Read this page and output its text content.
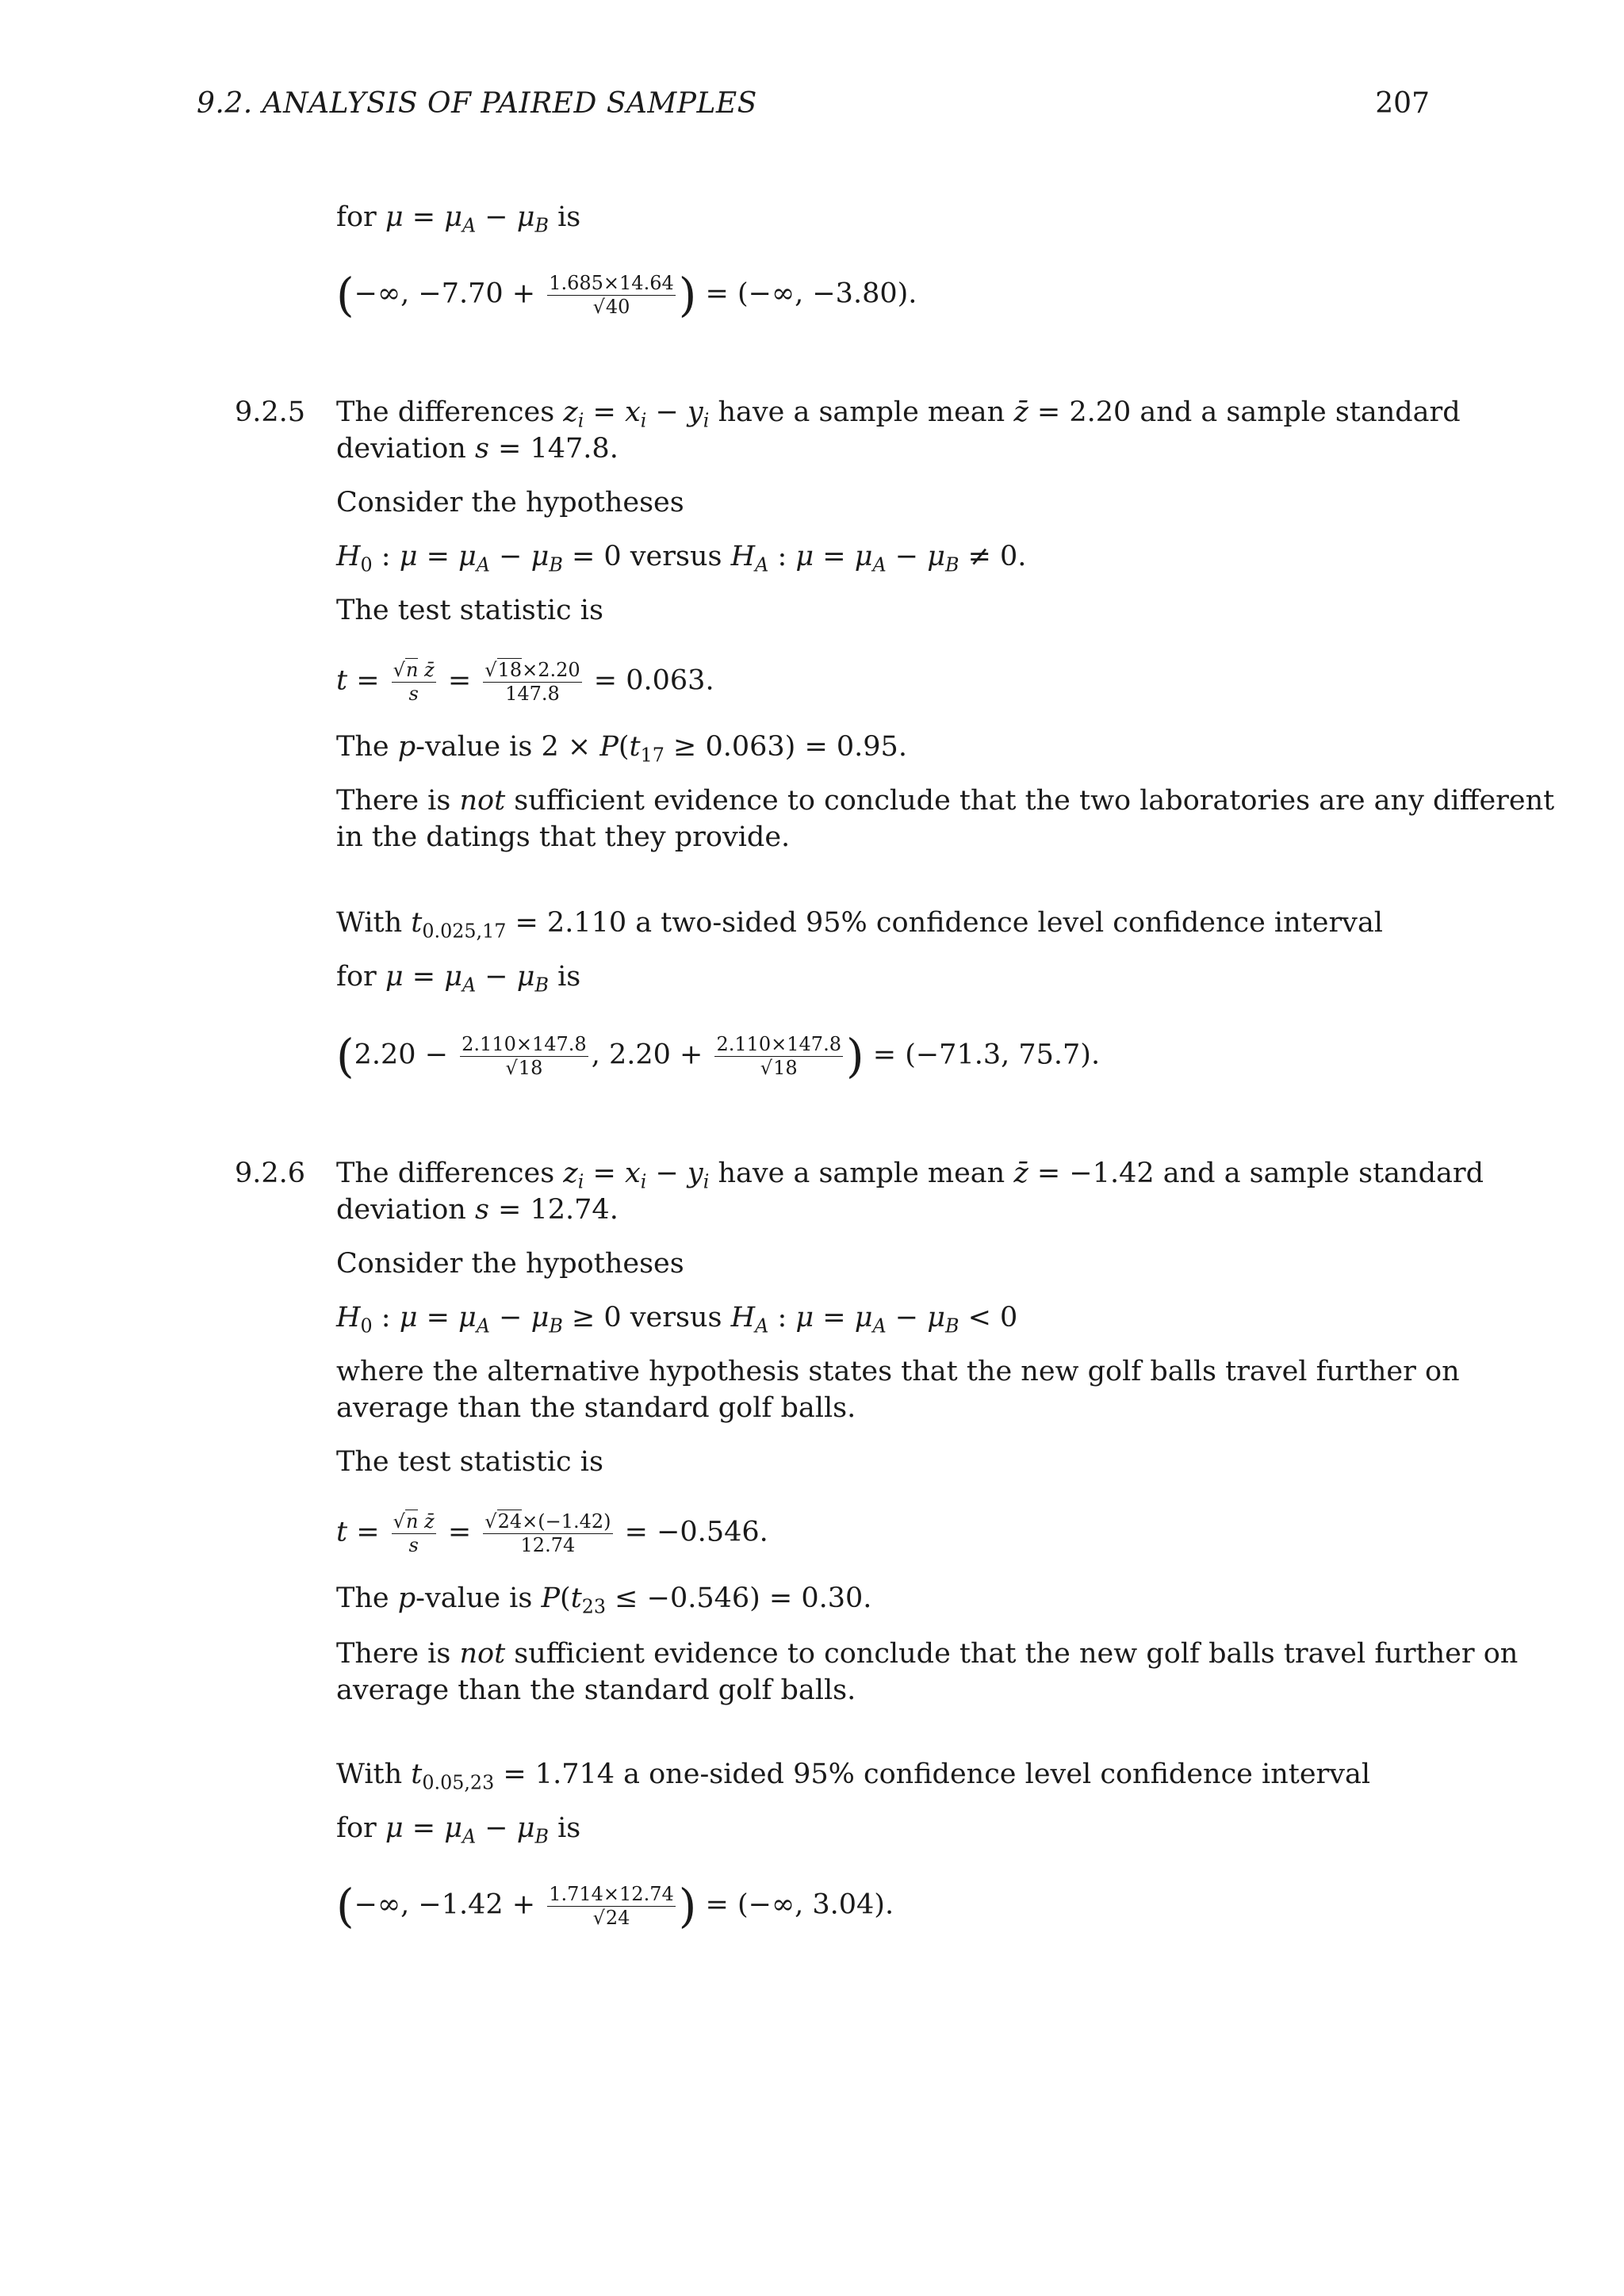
9.2. ANALYSIS OF PAIRED SAMPLES	207
for $\mu = \mu_A - \mu_B$ is
(−∞, $-7.70 + \frac{1.685\times 14.64}{√40}$ ) = (−∞, −3.80).
9.2.5 The differences $z_i = x_i - y_i$ have a sample mean z̄ = 2.20 and a sample standard
deviation s = 147.8.
Consider the hypotheses
$H_0$ : $\mu = \mu_A - \mu_B = 0$ versus $H_A$ : $\mu = \mu_A - \mu_B \ne 0$.
The test statistic is
$t = \frac{\text{√n z̄}}{s} = \frac{√18\times 2.20}{147.8} = 0.063$.
The p-value is $2 \times P(t_{17} \ge 0.063) = 0.95$.
There is not sufficient evidence to conclude that the two laboratories are any different
in the datings that they provide.
With $t_{0.025,17} = 2.110$ a two-sided 95% confidence level confidence interval
for $\mu = \mu_A - \mu_B$ is
($2.20 - \frac{2.110\times 147.8}{√18}$ , $2.20 + \frac{2.110\times 147.8}{√18}$ ) = (−71.3, 75.7).
9.2.6 The differences $z_i = x_i - y_i$ have a sample mean z̄ = −1.42 and a sample standard
deviation s = 12.74.
Consider the hypotheses
$H_0$ : $\mu = \mu_A - \mu_B \ge 0$ versus $H_A$ : $\mu = \mu_A - \mu_B < 0$
where the alternative hypothesis states that the new golf balls travel further on
average than the standard golf balls.
The test statistic is
$t = \frac{\text{√n z̄}}{s} = \frac{√24\times(-1.42)}{12.74} = -0.546$.
The p-value is $P(t_{23} \le -0.546) = 0.30$.
There is not sufficient evidence to conclude that the new golf balls travel further on
average than the standard golf balls.
With $t_{0.05,23} = 1.714$ a one-sided 95% confidence level confidence interval
for $\mu = \mu_A - \mu_B$ is
(−∞, $-1.42 + \frac{1.714\times 12.74}{√24}$ ) = (−∞, 3.04).
